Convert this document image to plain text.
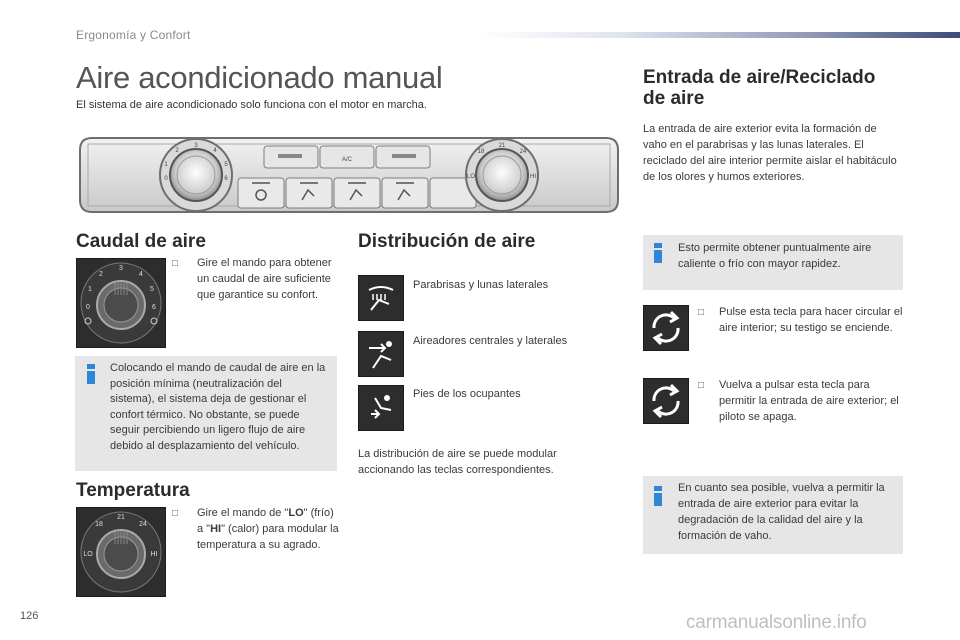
Ergonomía y Confort
Aire acondicionado manual

El sistema de aire acondicionado solo funciona con el motor en marcha.

A/C
3
2	4
1	5
0	6
21
18	24
LO	HI
Caudal de aire
3
2	4
1	5
0	6
□ Gire el mando para obtener un caudal de aire suficiente que garantice su confort.

Colocando el mando de caudal de aire en la posición mínima (neutralización del sistema), el sistema deja de gestionar el confort térmico. No obstante, se puede seguir percibiendo un ligero flujo de aire debido al desplazamiento del vehículo.

Temperatura
21
18	24
LO	HI
□ Gire el mando de "LO" (frío) a "HI" (calor) para modular la temperatura a su agrado.

Distribución de aire

Parabrisas y lunas laterales

Aireadores centrales y laterales

Pies de los ocupantes

La distribución de aire se puede modular accionando las teclas correspondientes.

Entrada de aire/Reciclado
de aire

La entrada de aire exterior evita la formación de vaho en el parabrisas y las lunas laterales. El reciclado del aire interior permite aislar el habitáculo de los olores y humos exteriores.

Esto permite obtener puntualmente aire caliente o frío con mayor rapidez.

□ Pulse esta tecla para hacer circular el aire interior; su testigo se enciende.

□ Vuelva a pulsar esta tecla para permitir la entrada de aire exterior; el piloto se apaga.

En cuanto sea posible, vuelva a permitir la entrada de aire exterior para evitar la degradación de la calidad del aire y la formación de vaho.

126	carmanualsonline.info
